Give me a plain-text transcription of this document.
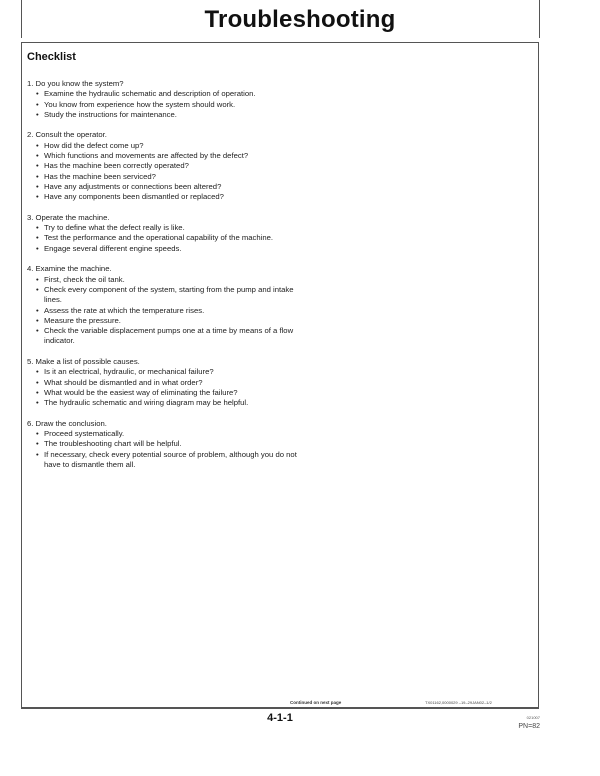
Troubleshooting
Checklist
1. Do you know the system?
• Examine the hydraulic schematic and description of operation.
• You know from experience how the system should work.
• Study the instructions for maintenance.
2. Consult the operator.
• How did the defect come up?
• Which functions and movements are affected by the defect?
• Has the machine been correctly operated?
• Has the machine been serviced?
• Have any adjustments or connections been altered?
• Have any components been dismantled or replaced?
3. Operate the machine.
• Try to define what the defect really is like.
• Test the performance and the operational capability of the machine.
• Engage several different engine speeds.
4. Examine the machine.
• First, check the oil tank.
• Check every component of the system, starting from the pump and intake lines.
• Assess the rate at which the temperature rises.
• Measure the pressure.
• Check the variable displacement pumps one at a time by means of a flow indicator.
5. Make a list of possible causes.
• Is it an electrical, hydraulic, or mechanical failure?
• What should be dismantled and in what order?
• What would be the easiest way of eliminating the failure?
• The hydraulic schematic and wiring diagram may be helpful.
6. Draw the conclusion.
• Proceed systematically.
• The troubleshooting chart will be helpful.
• If necessary, check every potential source of problem, although you do not have to dismantle them all.
Continued on next page	TX01162,0000029 –19–29JAN02–1/2
4-1-1	021007
PN=82
